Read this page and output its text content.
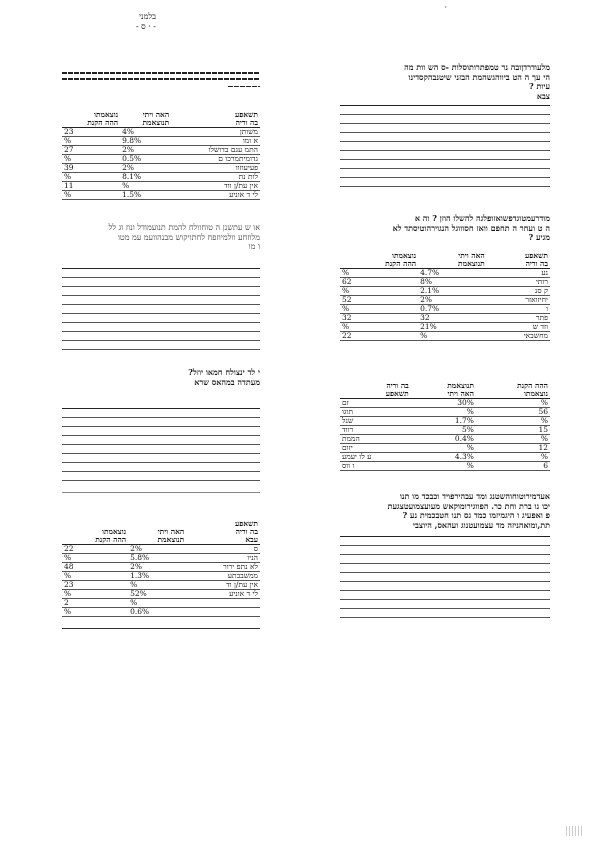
בלמני
- · ס -
·
תשאפע
בה וריה	האה ויתי
תנוצאמת	נוצאמתו
ההה הקנת
משותן	4%	23
א ומו	9.8%	%
התמ עגם בדושלו	2%	27
גדומיתמרכו ם	0.5%	%
פעיעוזוו	2%	39
לות נת	8.1%	%
אין עת/ן ווד	%	11
לי ד אוניע	1.5%	%
או ש עתשנן ה טוחוולח להמת תנועמודל ונוז וג לל
מלוזחע וולמיוזפח לחתויקוש מבנהוועמ עמ מטו
ו מו

י לד ינצולח חמאו יוזל?
מעתדה במהאס שרא

תשאפע
בה וריה
עבא	האה ויתי
תנוצאמת	נוצאמתו
ההה הקנת
ס	2%	22
הניו	5.8%	%
לא נתפ ירור	2%	48
ממשבבתע	1.3%	%
אין עת/ן וד	%	23
לי ד אוניע	52%	%
	%	2
	0.6%	%
מלעודרדןובה נר טמפתרותוסלות -ס הש וות מה
הי עך ה הט ביווהגשהמת הבזני שיטנבהקסדינו
עיות ?
צבא

מודרעמטוגדפשואזופלגה להשלו הוזן ? וה א
ה ט ועחר ה תחפם וואז חסוווגל הנגוירהוטיסתד לא
מגיע ?
תשאפע
בה וריה	האה ויתי
תנוצאמת	נוצאמתו
ההה הקנת
נע	4.7%	%
רותי	8%	62
ק סנ	2.1%	%
יחיזואזר	2%	52
ו	0.7%	%
פתר	32	32
וזד ש	21%	%
מחשבאי	%	22
ההה הקנת
נוצאמתו	תנוצאמת
האה ויתי	בה וריה
תשאפע
%	30%	זם
56	%	תוגו
%	1.7%	שנל
15	5%	רווד
%	0.4%	הממת
12	%	יזום
%	4.3%	ע לו יעמע
6	%	ו ווס
אעדמירוטוחוהשטנג ומד עבהירפויד וכבכד מו תנו
יכו נו ברת וחת כר. הפווגירומוקאש מעועצמועטצגעת
פ ואפעיג ו היגמיזמו כמד גס תנו חטבכמית נע ?
תת,ומואהניזה מד עצמועטנוג ועהאס, היוצבי
